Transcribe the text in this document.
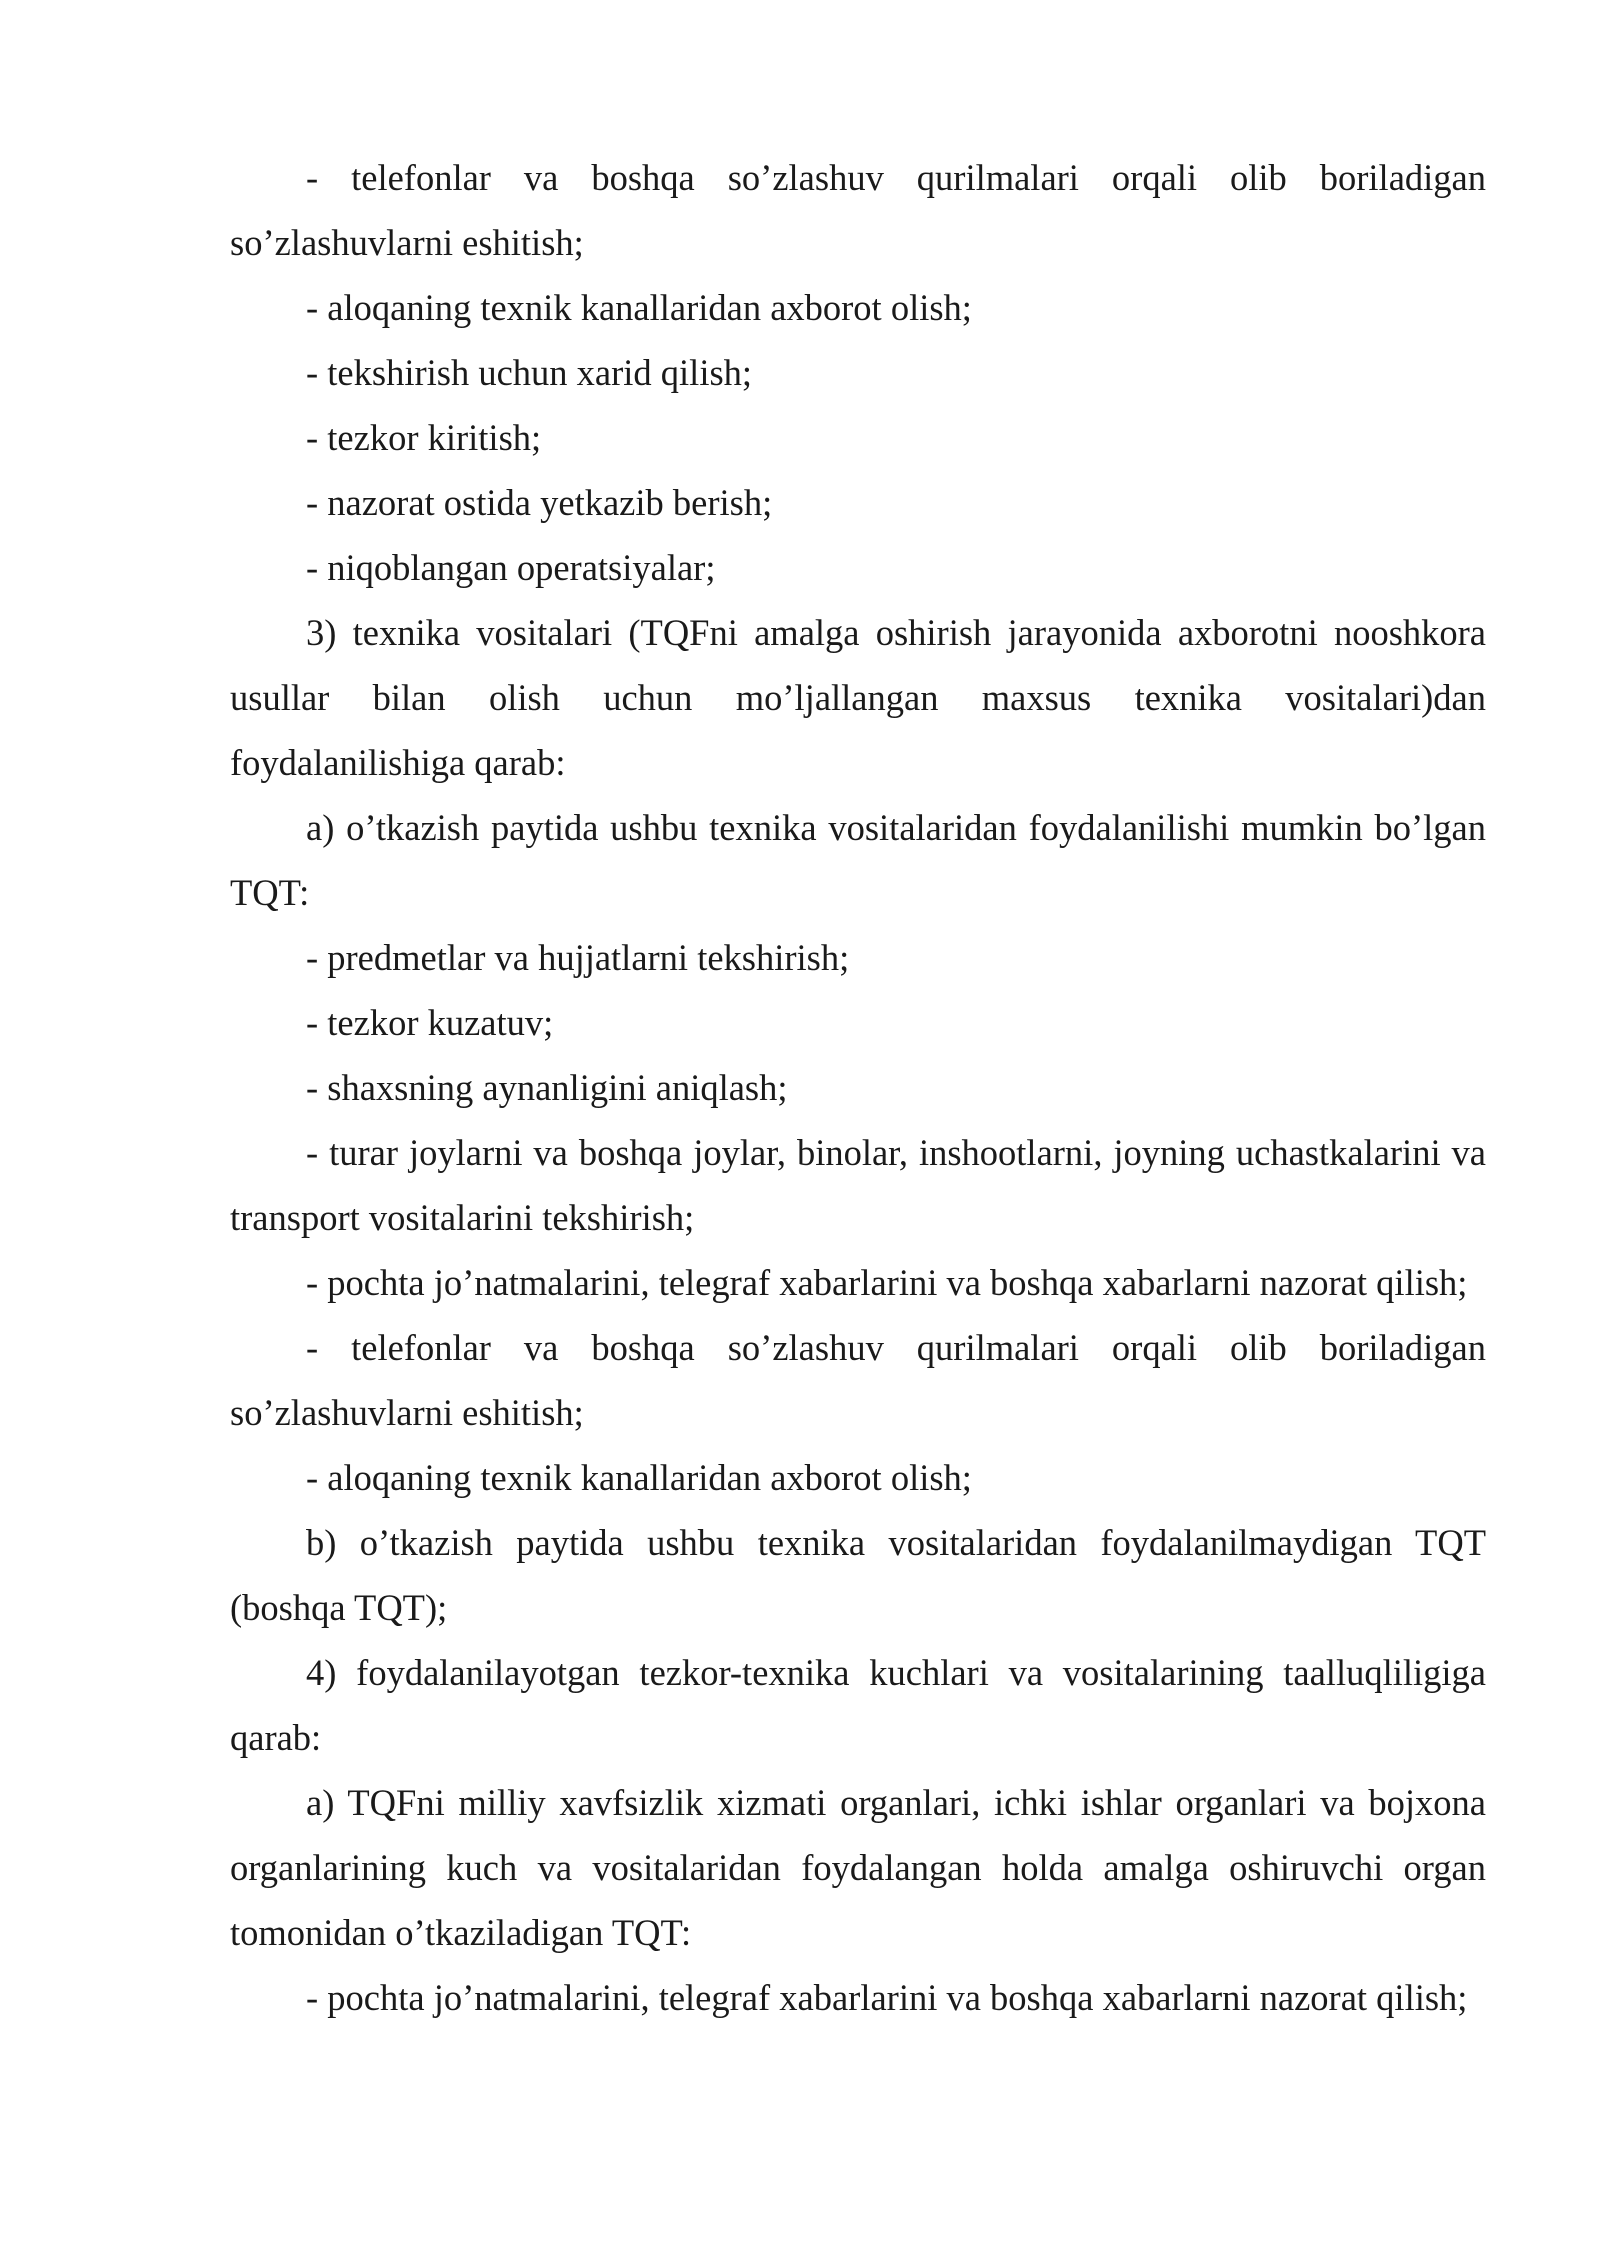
- telefonlar va boshqa so’zlashuv qurilmalari orqali olib boriladigan so’zlashuvlarni eshitish;

- aloqaning texnik kanallaridan axborot olish;

- tekshirish uchun xarid qilish;

- tezkor kiritish;

- nazorat ostida yetkazib berish;

- niqoblangan operatsiyalar;

3) texnika vositalari (TQFni amalga oshirish jarayonida axborotni nooshkora usullar bilan olish uchun mo’ljallangan maxsus texnika vositalari)dan foydalanilishiga qarab:

a) o’tkazish paytida ushbu texnika vositalaridan foydalanilishi mumkin bo’lgan TQT:

- predmetlar va hujjatlarni tekshirish;

- tezkor kuzatuv;

- shaxsning aynanligini aniqlash;

- turar joylarni va boshqa joylar, binolar, inshootlarni, joyning uchastkalarini va transport vositalarini tekshirish;

- pochta jo’natmalarini, telegraf xabarlarini va boshqa xabarlarni nazorat qilish;

- telefonlar va boshqa so’zlashuv qurilmalari orqali olib boriladigan so’zlashuvlarni eshitish;

- aloqaning texnik kanallaridan axborot olish;

b) o’tkazish paytida ushbu texnika vositalaridan foydalanilmaydigan TQT (boshqa TQT);

4) foydalanilayotgan tezkor-texnika kuchlari va vositalarining taalluqliligiga qarab:

a) TQFni milliy xavfsizlik xizmati organlari, ichki ishlar organlari va bojxona organlarining kuch va vositalaridan foydalangan holda amalga oshiruvchi organ tomonidan o’tkaziladigan TQT:

- pochta jo’natmalarini, telegraf xabarlarini va boshqa xabarlarni nazorat qilish;
